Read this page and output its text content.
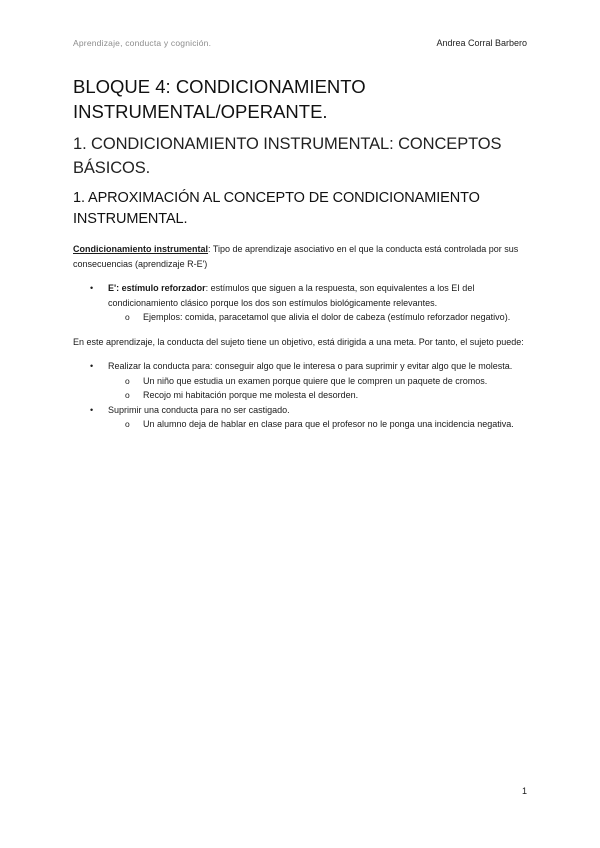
Aprendizaje, conducta y cognición.	Andrea Corral Barbero
BLOQUE 4: CONDICIONAMIENTO INSTRUMENTAL/OPERANTE.
1. CONDICIONAMIENTO INSTRUMENTAL: CONCEPTOS BÁSICOS.
1. APROXIMACIÓN AL CONCEPTO DE CONDICIONAMIENTO INSTRUMENTAL.

Condicionamiento instrumental: Tipo de aprendizaje asociativo en el que la conducta está controlada por sus consecuencias (aprendizaje R-E')

• E': estímulo reforzador: estímulos que siguen a la respuesta, son equivalentes a los EI del condicionamiento clásico porque los dos son estímulos biológicamente relevantes.
o Ejemplos: comida, paracetamol que alivia el dolor de cabeza (estímulo reforzador negativo).

En este aprendizaje, la conducta del sujeto tiene un objetivo, está dirigida a una meta. Por tanto, el sujeto puede:

• Realizar la conducta para: conseguir algo que le interesa o para suprimir y evitar algo que le molesta.
o Un niño que estudia un examen porque quiere que le compren un paquete de cromos.
o Recojo mi habitación porque me molesta el desorden.
• Suprimir una conducta para no ser castigado.
o Un alumno deja de hablar en clase para que el profesor no le ponga una incidencia negativa.
1
